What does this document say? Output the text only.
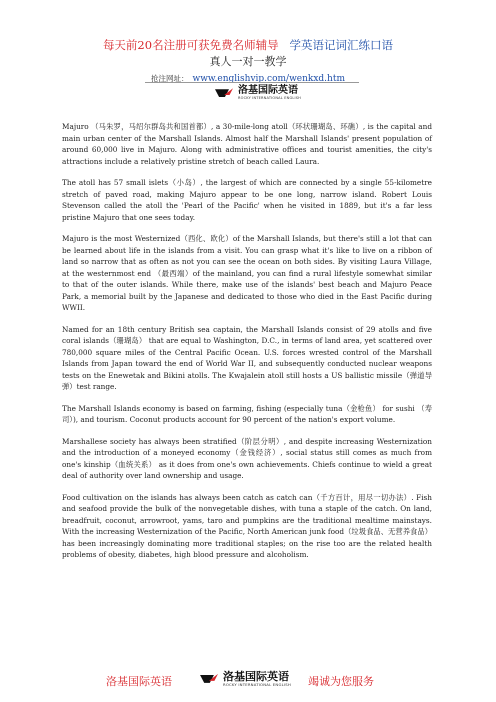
每天前20名注册可获免费名师辅导 学英语记词汇练口语
真人一对一教学
抢注网址： www.englishvip.com/wenkxd.htm
洛基国际英语
ROCKY INTERNATIONAL ENGLISH

Majuro （马朱罗，马绍尔群岛共和国首都）, a 30-mile-long atoll（环状珊瑚岛、环礁）, is the capital and main urban center of the Marshall Islands. Almost half the Marshall Islands' present population of around 60,000 live in Majuro. Along with administrative offices and tourist amenities, the city's attractions include a relatively pristine stretch of beach called Laura.

The atoll has 57 small islets（小岛）, the largest of which are connected by a single 55-kilometre stretch of paved road, making Majuro appear to be one long, narrow island. Robert Louis Stevenson called the atoll the 'Pearl of the Pacific' when he visited in 1889, but it's a far less pristine Majuro that one sees today.

Majuro is the most Westernized（西化、欧化）of the Marshall Islands, but there's still a lot that can be learned about life in the islands from a visit. You can grasp what it's like to live on a ribbon of land so narrow that as often as not you can see the ocean on both sides. By visiting Laura Village, at the westernmost end （最西端）of the mainland, you can find a rural lifestyle somewhat similar to that of the outer islands. While there, make use of the islands' best beach and Majuro Peace Park, a memorial built by the Japanese and dedicated to those who died in the East Pacific during WWII.

Named for an 18th century British sea captain, the Marshall Islands consist of 29 atolls and five coral islands（珊瑚岛） that are equal to Washington, D.C., in terms of land area, yet scattered over 780,000 square miles of the Central Pacific Ocean. U.S. forces wrested control of the Marshall Islands from Japan toward the end of World War II, and subsequently conducted nuclear weapons tests on the Enewetak and Bikini atolls. The Kwajalein atoll still hosts a US ballistic missile（弹道导弹）test range.

The Marshall Islands economy is based on farming, fishing (especially tuna（金枪鱼） for sushi （寿司）), and tourism. Coconut products account for 90 percent of the nation's export volume.

Marshallese society has always been stratified（阶层分明）, and despite increasing Westernization and the introduction of a moneyed economy（金钱经济）, social status still comes as much from one's kinship（血统关系） as it does from one's own achievements. Chiefs continue to wield a great deal of authority over land ownership and usage.

Food cultivation on the islands has always been catch as catch can（千方百计，用尽一切办法）. Fish and seafood provide the bulk of the nonvegetable dishes, with tuna a staple of the catch. On land, breadfruit, coconut, arrowroot, yams, taro and pumpkins are the traditional mealtime mainstays. With the increasing Westernization of the Pacific, North American junk food（垃圾食品、无营养食品）has been increasingly dominating more traditional staples; on the rise too are the related health problems of obesity, diabetes, high blood pressure and alcoholism.

洛基国际英语	竭诚为您服务
洛基国际英语
ROCKY INTERNATIONAL ENGLISH
